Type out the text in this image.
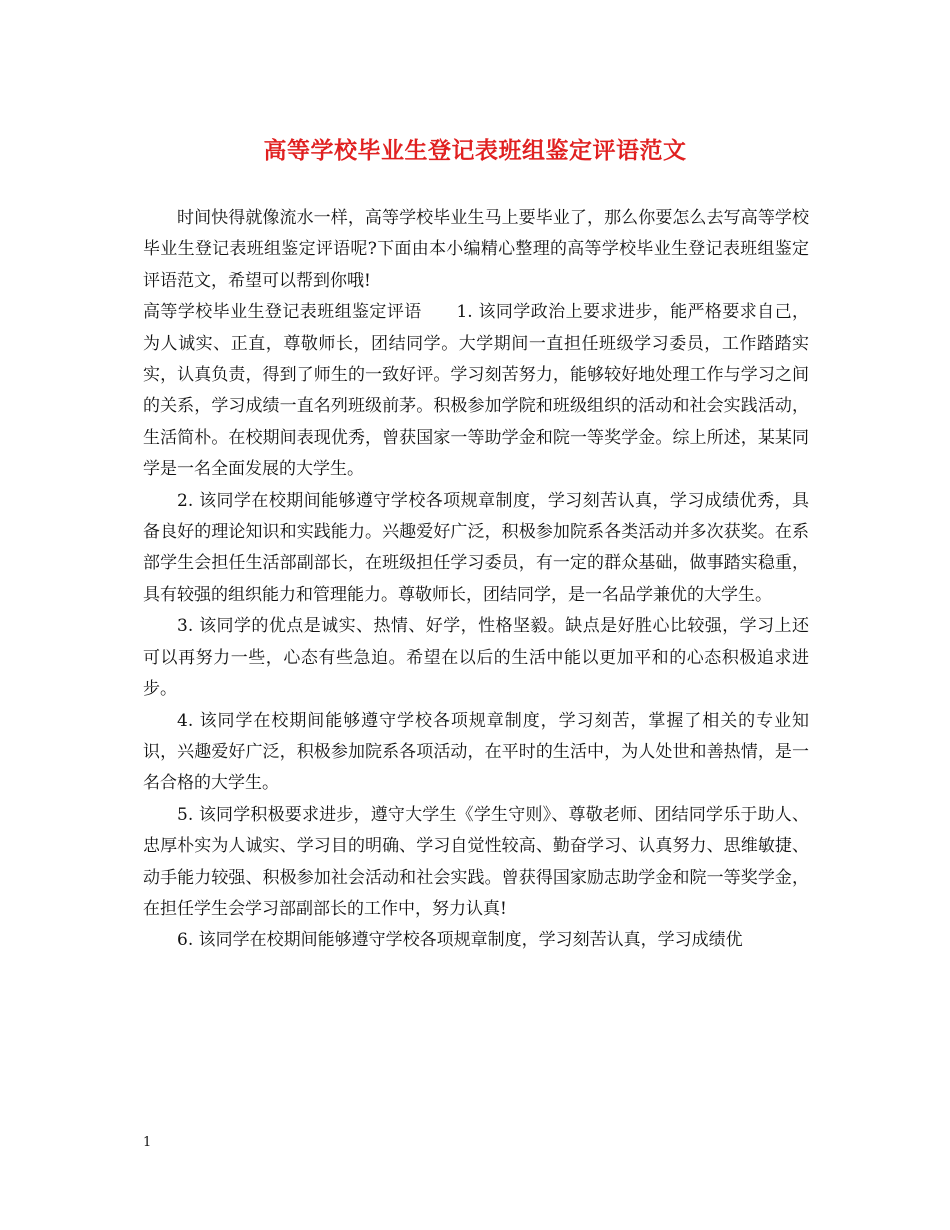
高等学校毕业生登记表班组鉴定评语范文

时间快得就像流水一样，高等学校毕业生马上要毕业了，那么你要怎么去写高等学校毕业生登记表班组鉴定评语呢?下面由本小编精心整理的高等学校毕业生登记表班组鉴定评语范文，希望可以帮到你哦!

高等学校毕业生登记表班组鉴定评语　　1. 该同学政治上要求进步，能严格要求自己，为人诚实、正直，尊敬师长，团结同学。大学期间一直担任班级学习委员，工作踏踏实实，认真负责，得到了师生的一致好评。学习刻苦努力，能够较好地处理工作与学习之间的关系，学习成绩一直名列班级前茅。积极参加学院和班级组织的活动和社会实践活动，生活简朴。在校期间表现优秀，曾获国家一等助学金和院一等奖学金。综上所述，某某同学是一名全面发展的大学生。

2. 该同学在校期间能够遵守学校各项规章制度，学习刻苦认真，学习成绩优秀，具备良好的理论知识和实践能力。兴趣爱好广泛，积极参加院系各类活动并多次获奖。在系部学生会担任生活部副部长，在班级担任学习委员，有一定的群众基础，做事踏实稳重，具有较强的组织能力和管理能力。尊敬师长，团结同学，是一名品学兼优的大学生。

3. 该同学的优点是诚实、热情、好学，性格坚毅。缺点是好胜心比较强，学习上还可以再努力一些，心态有些急迫。希望在以后的生活中能以更加平和的心态积极追求进步。

4. 该同学在校期间能够遵守学校各项规章制度，学习刻苦，掌握了相关的专业知识，兴趣爱好广泛，积极参加院系各项活动，在平时的生活中，为人处世和善热情，是一名合格的大学生。

5. 该同学积极要求进步，遵守大学生《学生守则》、尊敬老师、团结同学乐于助人、忠厚朴实为人诚实、学习目的明确、学习自觉性较高、勤奋学习、认真努力、思维敏捷、动手能力较强、积极参加社会活动和社会实践。曾获得国家励志助学金和院一等奖学金，在担任学生会学习部副部长的工作中，努力认真!

6. 该同学在校期间能够遵守学校各项规章制度，学习刻苦认真，学习成绩优

1
